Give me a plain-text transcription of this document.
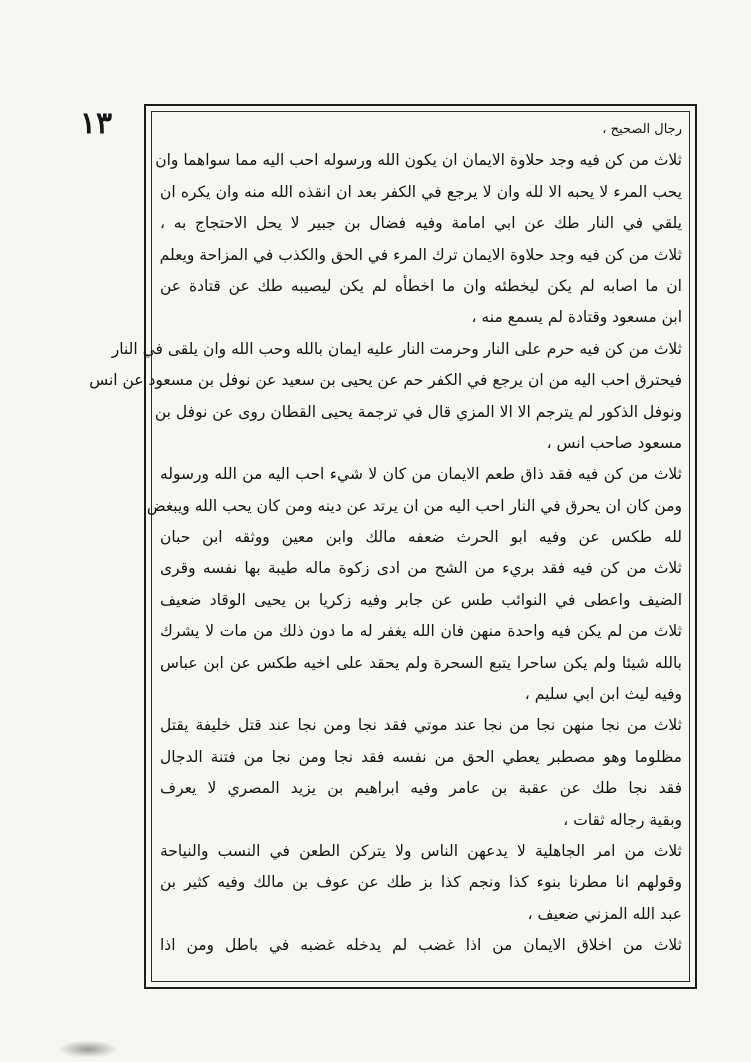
١٣	رجال الصحيح ،
ثلاث من كن فيه وجد حلاوة الايمان ان يكون الله ورسوله احب اليه مما سواهما وان
يحب المرء لا يحبه الا لله وان لا يرجع في الكفر بعد ان انقذه الله منه وان يكره ان
يلقي في النار طك عن ابي امامة وفيه فضال بن جبير لا يحل الاحتجاج به ،
ثلاث من كن فيه وجد حلاوة الايمان ترك المرء في الحق والكذب في المزاحة ويعلم
ان ما اصابه لم يكن ليخطئه وان ما اخطأه لم يكن ليصيبه طك عن قتادة عن
ابن مسعود وقتادة لم يسمع منه ،
ثلاث من كن فيه حرم على النار وحرمت النار عليه ايمان بالله وحب الله وان يلقى في النار
فيحترق احب اليه من ان يرجع في الكفر حم عن يحيى بن سعيد عن نوفل بن مسعود عن انس
ونوفل الذكور لم يترجم الا الا المزي قال في ترجمة يحيى القطان روى عن نوفل بن
مسعود صاحب انس ،
ثلاث من كن فيه فقد ذاق طعم الايمان من كان لا شيء احب اليه من الله ورسوله
ومن كان ان يحرق في النار احب اليه من ان يرتد عن دينه ومن كان يحب الله ويبغض
لله طكس عن وفيه ابو الحرث ضعفه مالك وابن معين ووثقه ابن حبان
ثلاث من كن فيه فقد بريء من الشح من ادى زكوة ماله طيبة بها نفسه وقرى
الضيف واعطى في النوائب طس عن جابر وفيه زكريا بن يحيى الوقاد ضعيف
ثلاث من لم يكن فيه واحدة منهن فان الله يغفر له ما دون ذلك من مات لا يشرك
بالله شيئا ولم يكن ساحرا يتبع السحرة ولم يحقد على اخيه طكس عن ابن عباس
وفيه ليث ابن ابي سليم ،
ثلاث من نجا منهن نجا من نجا عند موتي فقد نجا ومن نجا عند قتل خليفة يقتل
مظلوما وهو مصطبر يعطي الحق من نفسه فقد نجا ومن نجا من فتنة الدجال
فقد نجا طك عن عقبة بن عامر وفيه ابراهيم بن يزيد المصري لا يعرف
وبقية رجاله ثقات ،
ثلاث من امر الجاهلية لا يدعهن الناس ولا يتركن الطعن في النسب والنياحة
وقولهم انا مطرنا بنوء كذا ونجم كذا بز طك عن عوف بن مالك وفيه كثير بن
عبد الله المزني ضعيف ،
ثلاث من اخلاق الايمان من اذا غضب لم يدخله غضبه في باطل ومن اذا
